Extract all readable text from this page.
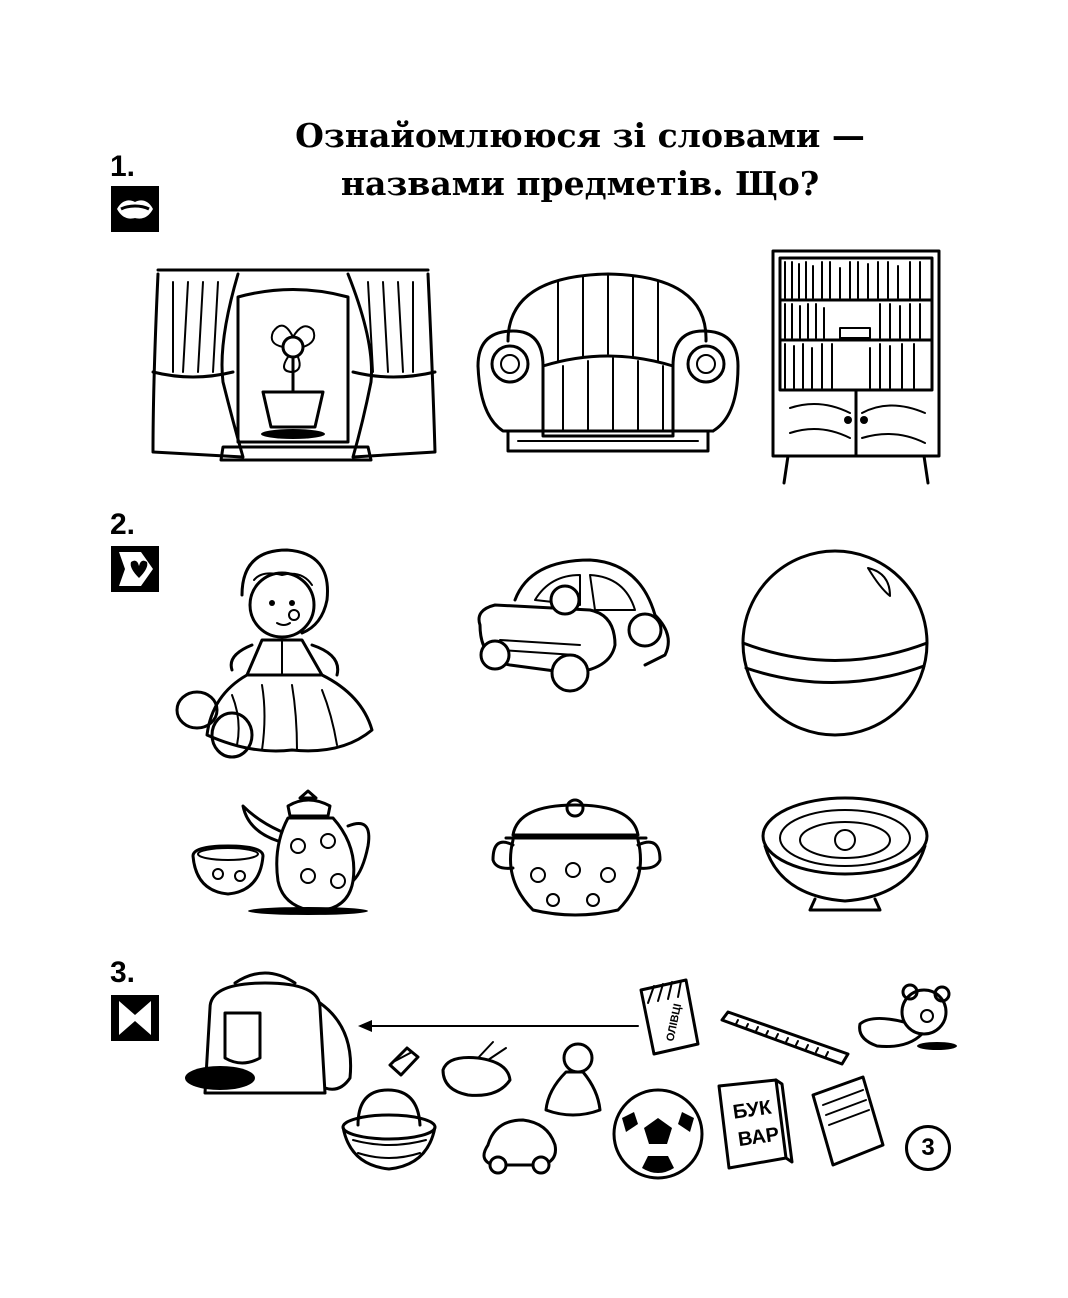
Ознайомлююся зі словами —
назвами предметів. Що?
1.
2.
3.
ОЛІВЦІ
БУК
ВАР	3
